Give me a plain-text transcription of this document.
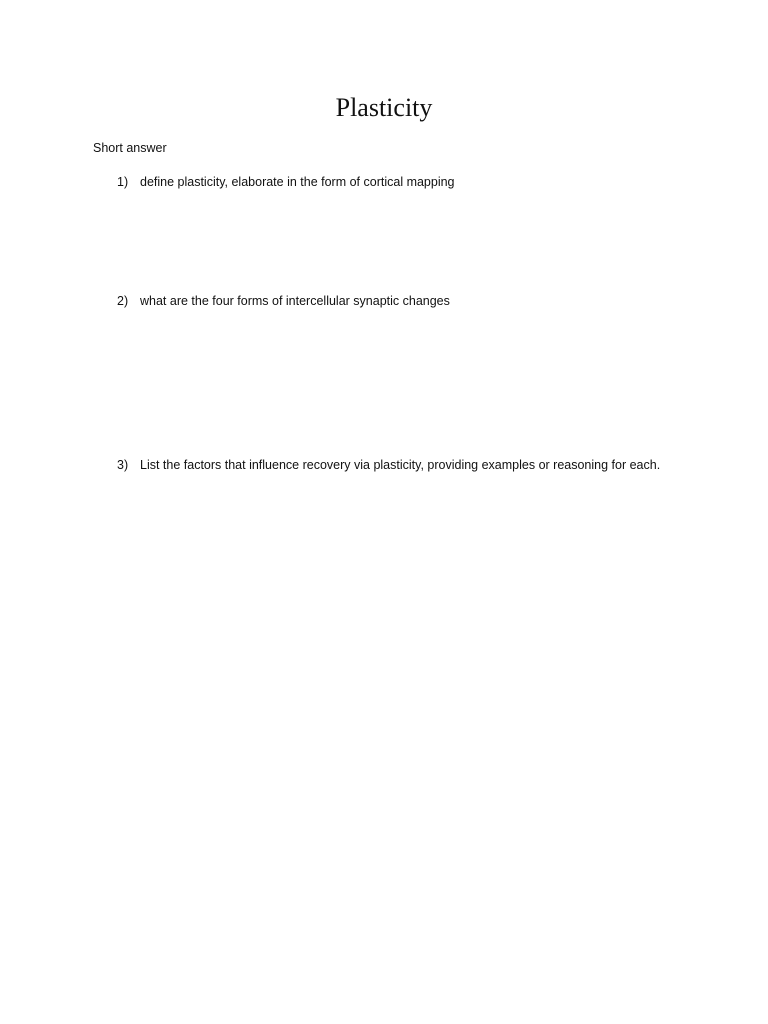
Plasticity
Short answer
1) define plasticity, elaborate in the form of cortical mapping
2) what are the four forms of intercellular synaptic changes
3) List the factors that influence recovery via plasticity, providing examples or reasoning for each.
